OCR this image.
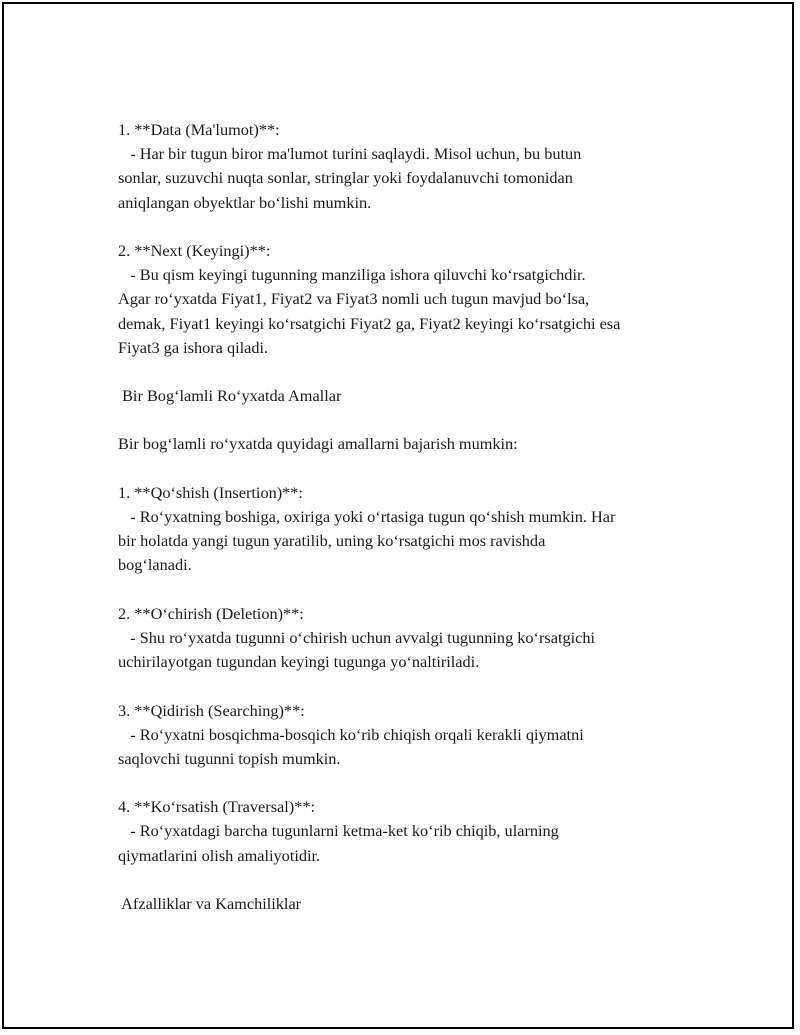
1. **Data (Ma'lumot)**:
- Har bir tugun biror ma'lumot turini saqlaydi. Misol uchun, bu butun
sonlar, suzuvchi nuqta sonlar, stringlar yoki foydalanuvchi tomonidan
aniqlangan obyektlar bo‘lishi mumkin.
2. **Next (Keyingi)**:
- Bu qism keyingi tugunning manziliga ishora qiluvchi ko‘rsatgichdir.
Agar ro‘yxatda Fiyat1, Fiyat2 va Fiyat3 nomli uch tugun mavjud bo‘lsa,
demak, Fiyat1 keyingi ko‘rsatgichi Fiyat2 ga, Fiyat2 keyingi ko‘rsatgichi esa
Fiyat3 ga ishora qiladi.
Bir Bog‘lamli Ro‘yxatda Amallar
Bir bog‘lamli ro‘yxatda quyidagi amallarni bajarish mumkin:
1. **Qo‘shish (Insertion)**:
- Ro‘yxatning boshiga, oxiriga yoki o‘rtasiga tugun qo‘shish mumkin. Har
bir holatda yangi tugun yaratilib, uning ko‘rsatgichi mos ravishda
bog‘lanadi.
2. **O‘chirish (Deletion)**:
- Shu ro‘yxatda tugunni o‘chirish uchun avvalgi tugunning ko‘rsatgichi
uchirilayotgan tugundan keyingi tugunga yo‘naltiriladi.
3. **Qidirish (Searching)**:
- Ro‘yxatni bosqichma-bosqich ko‘rib chiqish orqali kerakli qiymatni
saqlovchi tugunni topish mumkin.
4. **Ko‘rsatish (Traversal)**:
- Ro‘yxatdagi barcha tugunlarni ketma-ket ko‘rib chiqib, ularning
qiymatlarini olish amaliyotidir.
Afzalliklar va Kamchiliklar
